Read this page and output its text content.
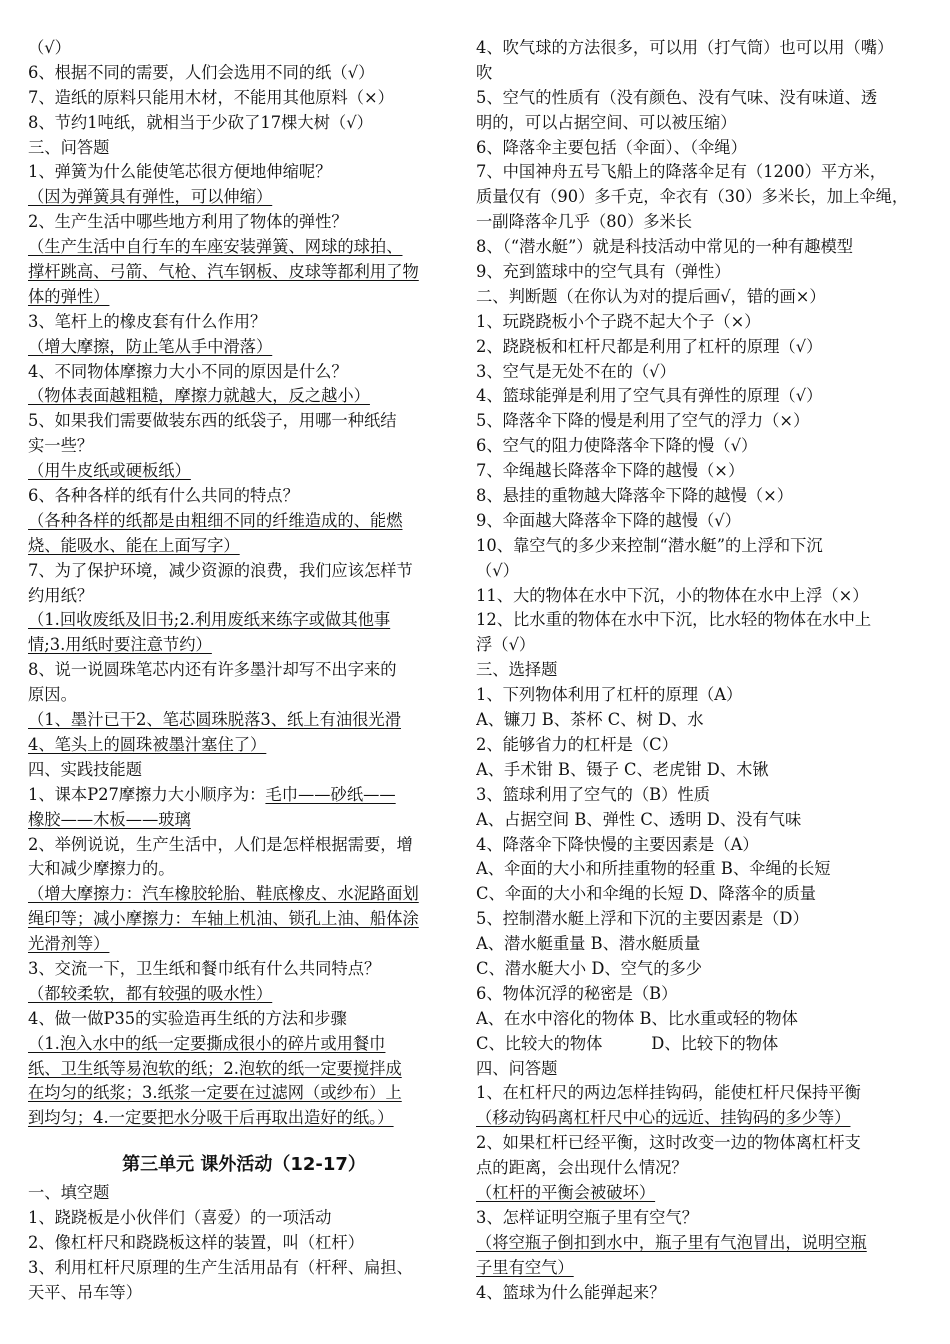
（√）
6、根据不同的需要，人们会选用不同的纸（√）
7、造纸的原料只能用木材，不能用其他原料（×）
8、节约1吨纸，就相当于少砍了17棵大树（√）
三、问答题
1、弹簧为什么能使笔芯很方便地伸缩呢？
（因为弹簧具有弹性，可以伸缩）
2、生产生活中哪些地方利用了物体的弹性？
（生产生活中自行车的车座安装弹簧、网球的球拍、
撑杆跳高、弓箭、气枪、汽车钢板、皮球等都利用了物
体的弹性）
3、笔杆上的橡皮套有什么作用？
（增大摩擦，防止笔从手中滑落）
4、不同物体摩擦力大小不同的原因是什么？
（物体表面越粗糙，摩擦力就越大，反之越小）
5、如果我们需要做装东西的纸袋子，用哪一种纸结
实一些？
（用牛皮纸或硬板纸）
6、各种各样的纸有什么共同的特点？
（各种各样的纸都是由粗细不同的纤维造成的、能燃
烧、能吸水、能在上面写字）
7、为了保护环境，减少资源的浪费，我们应该怎样节
约用纸？
（1.回收废纸及旧书;2.利用废纸来练字或做其他事
情;3.用纸时要注意节约）
8、说一说圆珠笔芯内还有许多墨汁却写不出字来的
原因。
（1、墨汁已干2、笔芯圆珠脱落3、纸上有油很光滑
4、笔头上的圆珠被墨汁塞住了）
四、实践技能题
1、课本P27摩擦力大小顺序为：毛巾——砂纸——
橡胶——木板——玻璃
2、举例说说，生产生活中，人们是怎样根据需要，增
大和减少摩擦力的。
（增大摩擦力：汽车橡胶轮胎、鞋底橡皮、水泥路面划
绳印等；减小摩擦力：车轴上机油、锁孔上油、船体涂
光滑剂等）
3、交流一下，卫生纸和餐巾纸有什么共同特点？
（都较柔软，都有较强的吸水性）
4、做一做P35的实验造再生纸的方法和步骤
（1.泡入水中的纸一定要撕成很小的碎片或用餐巾
纸、卫生纸等易泡软的纸；2.泡软的纸一定要搅拌成
在均匀的纸浆；3.纸浆一定要在过滤网（或纱布）上
到均匀；4.一定要把水分吸干后再取出造好的纸。）
第三单元 课外活动（12-17）
一、填空题
1、跷跷板是小伙伴们（喜爱）的一项活动
2、像杠杆尺和跷跷板这样的装置，叫（杠杆）
3、利用杠杆尺原理的生产生活用品有（杆秤、扁担、
天平、吊车等）
4、吹气球的方法很多，可以用（打气筒）也可以用（嘴）
吹
5、空气的性质有（没有颜色、没有气味、没有味道、透
明的，可以占据空间、可以被压缩）
6、降落伞主要包括（伞面）、（伞绳）
7、中国神舟五号飞船上的降落伞足有（1200）平方米，
质量仅有（90）多千克，伞衣有（30）多米长，加上伞绳，
一副降落伞几乎（80）多米长
8、（“潜水艇”）就是科技活动中常见的一种有趣模型
9、充到篮球中的空气具有（弹性）
二、判断题（在你认为对的提后画√，错的画×）
1、玩跷跷板小个子跷不起大个子（×）
2、跷跷板和杠杆尺都是利用了杠杆的原理（√）
3、空气是无处不在的（√）
4、篮球能弹是利用了空气具有弹性的原理（√）
5、降落伞下降的慢是利用了空气的浮力（×）
6、空气的阻力使降落伞下降的慢（√）
7、伞绳越长降落伞下降的越慢（×）
8、悬挂的重物越大降落伞下降的越慢（×）
9、伞面越大降落伞下降的越慢（√）
10、靠空气的多少来控制“潜水艇”的上浮和下沉
（√）
11、大的物体在水中下沉，小的物体在水中上浮（×）
12、比水重的物体在水中下沉，比水轻的物体在水中上
浮（√）
三、选择题
1、下列物体利用了杠杆的原理（A）
A、镰刀 B、茶杯 C、树 D、水
2、能够省力的杠杆是（C）
A、手术钳 B、镊子 C、老虎钳 D、木锹
3、篮球利用了空气的（B）性质
A、占据空间 B、弹性 C、透明 D、没有气味
4、降落伞下降快慢的主要因素是（A）
A、伞面的大小和所挂重物的轻重 B、伞绳的长短
C、伞面的大小和伞绳的长短 D、降落伞的质量
5、控制潜水艇上浮和下沉的主要因素是（D）
A、潜水艇重量 B、潜水艇质量
C、潜水艇大小 D、空气的多少
6、物体沉浮的秘密是（B）
A、在水中溶化的物体 B、比水重或轻的物体
C、比较大的物体　　　D、比较下的物体
四、问答题
1、在杠杆尺的两边怎样挂钩码，能使杠杆尺保持平衡
（移动钩码离杠杆尺中心的远近、挂钩码的多少等）
2、如果杠杆已经平衡，这时改变一边的物体离杠杆支
点的距离，会出现什么情况？
（杠杆的平衡会被破坏）
3、怎样证明空瓶子里有空气？
（将空瓶子倒扣到水中，瓶子里有气泡冒出，说明空瓶
子里有空气）
4、篮球为什么能弹起来？
